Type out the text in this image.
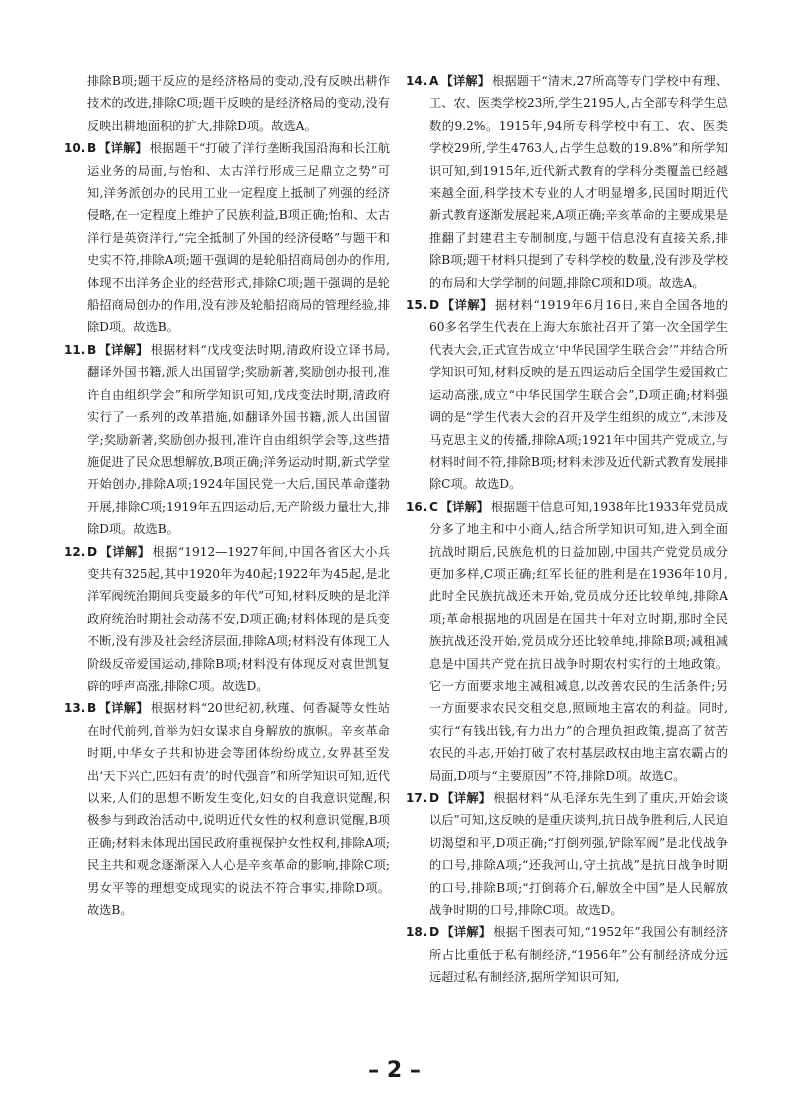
排除B项;题干反应的是经济格局的变动,没有反映出耕作技术的改进,排除C项;题干反映的是经济格局的变动,没有反映出耕地面积的扩大,排除D项。故选A。
10. B 【详解】 根据题干“打破了洋行垄断我国沿海和长江航运业务的局面,与怡和、太古洋行形成三足鼎立之势”可知,洋务派创办的民用工业一定程度上抵制了列强的经济侵略,在一定程度上维护了民族利益,B项正确;怡和、太古洋行是英资洋行,“完全抵制了外国的经济侵略”与题干和史实不符,排除A项;题干强调的是轮船招商局创办的作用,体现不出洋务企业的经营形式,排除C项;题干强调的是轮船招商局创办的作用,没有涉及轮船招商局的管理经验,排除D项。故选B。
11. B 【详解】 根据材料“戊戌变法时期,清政府设立译书局,翻译外国书籍,派人出国留学;奖励新著,奖励创办报刊,准许自由组织学会”和所学知识可知,戊戌变法时期,清政府实行了一系列的改革措施,如翻译外国书籍,派人出国留学;奖励新著,奖励创办报刊,准许自由组织学会等,这些措施促进了民众思想解放,B项正确;洋务运动时期,新式学堂开始创办,排除A项;1924年国民党一大后,国民革命蓬勃开展,排除C项;1919年五四运动后,无产阶级力量壮大,排除D项。故选B。
12. D 【详解】 根据“1912—1927年间,中国各省区大小兵变共有325起,其中1920年为40起;1922年为45起,是北洋军阀统治期间兵变最多的年代”可知,材料反映的是北洋政府统治时期社会动荡不安,D项正确;材料体现的是兵变不断,没有涉及社会经济层面,排除A项;材料没有体现工人阶级反帝爱国运动,排除B项;材料没有体现反对袁世凯复辟的呼声高涨,排除C项。故选D。
13. B 【详解】 根据材料“20世纪初,秋瑾、何香凝等女性站在时代前列,首举为妇女谋求自身解放的旗帜。辛亥革命时期,中华女子共和协进会等团体纷纷成立,女界甚至发出‘天下兴亡,匹妇有责’的时代强音”和所学知识可知,近代以来,人们的思想不断发生变化,妇女的自我意识觉醒,积极参与到政治活动中,说明近代女性的权利意识觉醒,B项正确;材料未体现出国民政府重视保护女性权利,排除A项;民主共和观念逐渐深入人心是辛亥革命的影响,排除C项;男女平等的理想变成现实的说法不符合事实,排除D项。故选B。
14. A 【详解】 根据题干“清末,27所高等专门学校中有理、工、农、医类学校23所,学生2195人,占全部专科学生总数的9.2%。1915年,94所专科学校中有工、农、医类学校29所,学生4763人,占学生总数的19.8%”和所学知识可知,到1915年,近代新式教育的学科分类覆盖已经越来越全面,科学技术专业的人才明显增多,民国时期近代新式教育逐渐发展起来,A项正确;辛亥革命的主要成果是推翻了封建君主专制制度,与题干信息没有直接关系,排除B项;题干材料只提到了专科学校的数量,没有涉及学校的布局和大学学制的问题,排除C项和D项。故选A。
15. D 【详解】 据材料“1919年6月16日,来自全国各地的60多名学生代表在上海大东旅社召开了第一次全国学生代表大会,正式宣告成立‘中华民国学生联合会’”并结合所学知识可知,材料反映的是五四运动后全国学生爱国救亡运动高涨,成立“中华民国学生联合会”,D项正确;材料强调的是“学生代表大会的召开及学生组织的成立”,未涉及马克思主义的传播,排除A项;1921年中国共产党成立,与材料时间不符,排除B项;材料未涉及近代新式教育发展排除C项。故选D。
16. C 【详解】 根据题干信息可知,1938年比1933年党员成分多了地主和中小商人,结合所学知识可知,进入到全面抗战时期后,民族危机的日益加剧,中国共产党党员成分更加多样,C项正确;红军长征的胜利是在1936年10月,此时全民族抗战还未开始,党员成分还比较单纯,排除A项;革命根据地的巩固是在国共十年对立时期,那时全民族抗战还没开始,党员成分还比较单纯,排除B项;减租减息是中国共产党在抗日战争时期农村实行的土地政策。它一方面要求地主减租减息,以改善农民的生活条件;另一方面要求农民交租交息,照顾地主富农的利益。同时,实行“有钱出钱,有力出力”的合理负担政策,提高了贫苦农民的斗志,开始打破了农村基层政权由地主富农霸占的局面,D项与“主要原因”不符,排除D项。故选C。
17. D 【详解】 根据材料“从毛泽东先生到了重庆,开始会谈以后”可知,这反映的是重庆谈判,抗日战争胜利后,人民迫切渴望和平,D项正确;“打倒列强,铲除军阀”是北伐战争的口号,排除A项;“还我河山,守土抗战”是抗日战争时期的口号,排除B项;“打倒蒋介石,解放全中国”是人民解放战争时期的口号,排除C项。故选D。
18. D 【详解】 根据千图表可知,“1952年”我国公有制经济所占比重低于私有制经济,“1956年”公有制经济成分远远超过私有制经济,据所学知识可知,
– 2 –
